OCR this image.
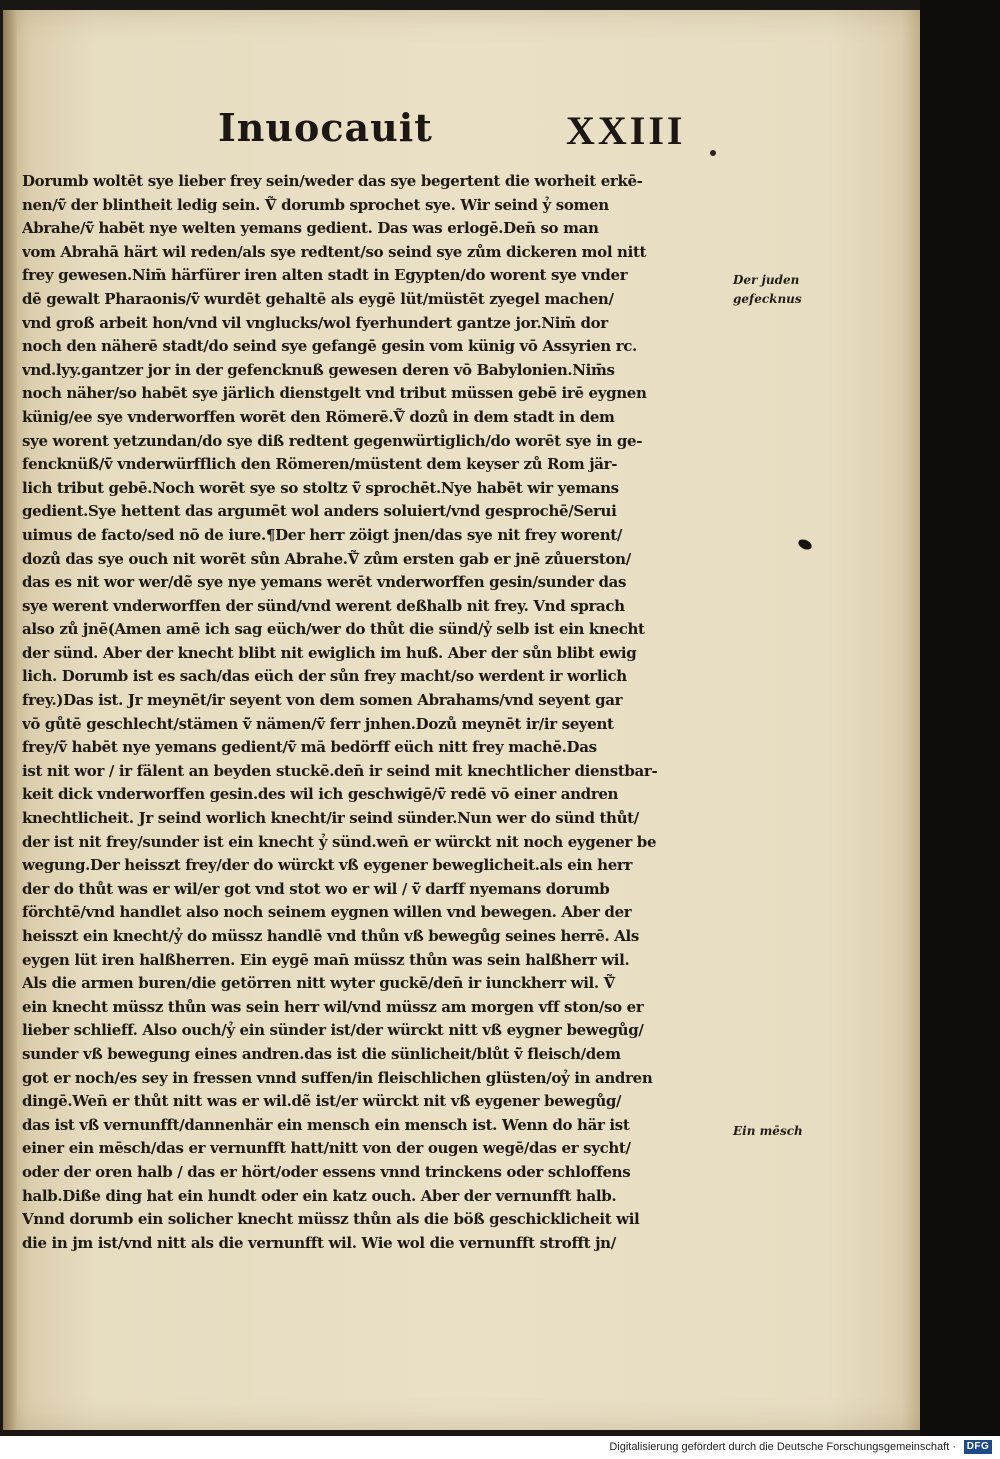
Inuocauit	XXIII
Dorumb woltēt sye lieber frey sein/weder das sye begertent die worheit erkē-
nen/ṽ̄ der blintheit ledig sein. Ṽ̄ dorumb sprochet sye. Wir seind ỷ somen
Abrahe/ṽ̄ habēt nye welten yemans gedient. Das was erlogē.Den̄ so man
vom Abrahā härt wil reden/als sye redtent/so seind sye zům dickeren mol nitt
frey gewesen.Nim̄ härfürer iren alten stadt in Egypten/do worent sye vnder
dē gewalt Pharaonis/ṽ̄ wurdēt gehaltē als eygē lüt/müstēt zyegel machen/
vnd groß arbeit hon/vnd vil vnglucks/wol fyerhundert gantze jor.Nim̄ dor
noch den näherē stadt/do seind sye gefangē gesin vom künig vō Assyrien rc.
vnd.lyy.gantzer jor in der gefencknuß gewesen deren vō Babylonien.Nim̄s
noch näher/so habēt sye järlich dienstgelt vnd tribut müssen gebē irē eygnen
künig/ee sye vnderworffen worēt den Römerē.Ṽ̄ dozů in dem stadt in dem
sye worent yetzundan/do sye diß redtent gegenwürtiglich/do worēt sye in ge-
fencknüß/ṽ̄ vnderwürfflich den Römeren/müstent dem keyser zů Rom jär-
lich tribut gebē.Noch worēt sye so stoltz ṽ̄ sprochēt.Nye habēt wir yemans
gedient.Sye hettent das argumēt wol anders soluiert/vnd gesprochē/Serui
uimus de facto/sed nō de iure.¶Der herr zöigt jnen/das sye nit frey worent/
dozů das sye ouch nit worēt sůn Abrahe.Ṽ̄ zům ersten gab er jnē zůuerston/
das es nit wor wer/dẽ sye nye yemans werēt vnderworffen gesin/sunder das
sye werent vnderworffen der sünd/vnd werent deßhalb nit frey. Vnd sprach
also zů jnē(Amen amē ich sag eüch/wer do thůt die sünd/ỷ selb ist ein knecht
der sünd. Aber der knecht blibt nit ewiglich im huß. Aber der sůn blibt ewig
lich. Dorumb ist es sach/das eüch der sůn frey macht/so werdent ir worlich
frey.)Das ist. Jr meynēt/ir seyent von dem somen Abrahams/vnd seyent gar
vō gůtē geschlecht/stämen ṽ̄ nämen/ṽ̄ ferr jnhen.Dozů meynēt ir/ir seyent
frey/ṽ̄ habēt nye yemans gedient/ṽ̄ mā bedörff eüch nitt frey machē.Das
ist nit wor / ir fälent an beyden stuckē.den̄ ir seind mit knechtlicher dienstbar-
keit dick vnderworffen gesin.des wil ich geschwigē/ṽ̄ redē vō einer andren
knechtlicheit. Jr seind worlich knecht/ir seind sünder.Nun wer do sünd thůt/
der ist nit frey/sunder ist ein knecht ỷ sünd.wen̄ er würckt nit noch eygener be
wegung.Der heisszt frey/der do würckt vß eygener beweglicheit.als ein herr
der do thůt was er wil/er got vnd stot wo er wil / ṽ̄ darff nyemans dorumb
förchtē/vnd handlet also noch seinem eygnen willen vnd bewegen. Aber der
heisszt ein knecht/ỷ do müssz handlē vnd thůn vß bewegůg seines herrē. Als
eygen lüt iren halßherren. Ein eygē man̄ müssz thůn was sein halßherr wil.
Als die armen buren/die getörren nitt wyter guckē/den̄ ir iunckherr wil. Ṽ̄
ein knecht müssz thůn was sein herr wil/vnd müssz am morgen vff ston/so er
lieber schlieff. Also ouch/ỷ ein sünder ist/der würckt nitt vß eygner bewegůg/
sunder vß bewegung eines andren.das ist die sünlicheit/blůt ṽ̄ fleisch/dem
got er noch/es sey in fressen vnnd suffen/in fleischlichen glüsten/oỷ in andren
dingē.Wen̄ er thůt nitt was er wil.dẽ ist/er würckt nit vß eygener bewegůg/
das ist vß vernunfft/dannenhär ein mensch ein mensch ist. Wenn do här ist
einer ein mēsch/das er vernunfft hatt/nitt von der ougen wegē/das er sycht/
oder der oren halb / das er hört/oder essens vnnd trinckens oder schloffens
halb.Diße ding hat ein hundt oder ein katz ouch. Aber der vernunfft halb.
Vnnd dorumb ein solicher knecht müssz thůn als die böß geschicklicheit wil
die in jm ist/vnd nitt als die vernunfft wil. Wie wol die vernunfft strofft jn/
Der juden
gefecknus
Ein mēsch
Digitalisierung gefördert durch die Deutsche Forschungsgemeinschaft · DFG
